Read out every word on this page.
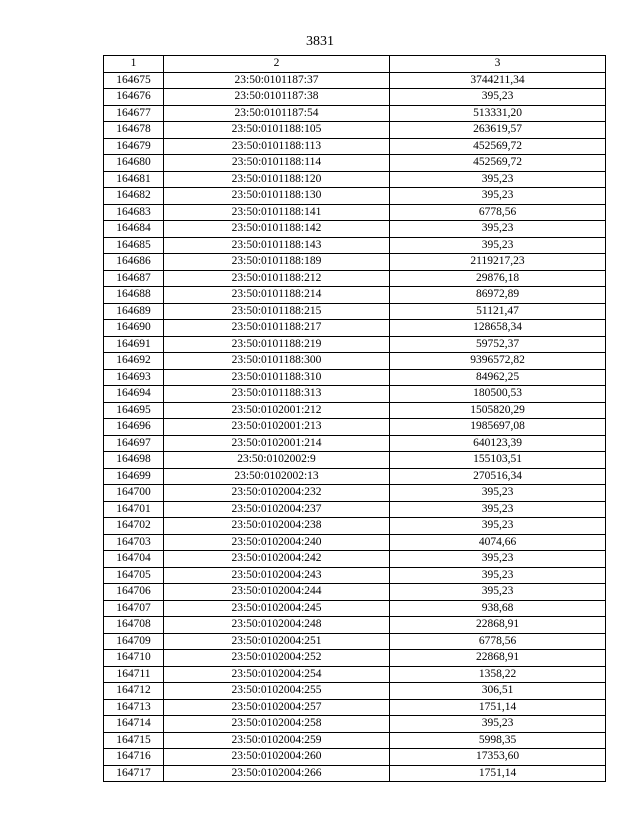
3831
1	2	3
164675	23:50:0101187:37	3744211,34
164676	23:50:0101187:38	395,23
164677	23:50:0101187:54	513331,20
164678	23:50:0101188:105	263619,57
164679	23:50:0101188:113	452569,72
164680	23:50:0101188:114	452569,72
164681	23:50:0101188:120	395,23
164682	23:50:0101188:130	395,23
164683	23:50:0101188:141	6778,56
164684	23:50:0101188:142	395,23
164685	23:50:0101188:143	395,23
164686	23:50:0101188:189	2119217,23
164687	23:50:0101188:212	29876,18
164688	23:50:0101188:214	86972,89
164689	23:50:0101188:215	51121,47
164690	23:50:0101188:217	128658,34
164691	23:50:0101188:219	59752,37
164692	23:50:0101188:300	9396572,82
164693	23:50:0101188:310	84962,25
164694	23:50:0101188:313	180500,53
164695	23:50:0102001:212	1505820,29
164696	23:50:0102001:213	1985697,08
164697	23:50:0102001:214	640123,39
164698	23:50:0102002:9	155103,51
164699	23:50:0102002:13	270516,34
164700	23:50:0102004:232	395,23
164701	23:50:0102004:237	395,23
164702	23:50:0102004:238	395,23
164703	23:50:0102004:240	4074,66
164704	23:50:0102004:242	395,23
164705	23:50:0102004:243	395,23
164706	23:50:0102004:244	395,23
164707	23:50:0102004:245	938,68
164708	23:50:0102004:248	22868,91
164709	23:50:0102004:251	6778,56
164710	23:50:0102004:252	22868,91
164711	23:50:0102004:254	1358,22
164712	23:50:0102004:255	306,51
164713	23:50:0102004:257	1751,14
164714	23:50:0102004:258	395,23
164715	23:50:0102004:259	5998,35
164716	23:50:0102004:260	17353,60
164717	23:50:0102004:266	1751,14
